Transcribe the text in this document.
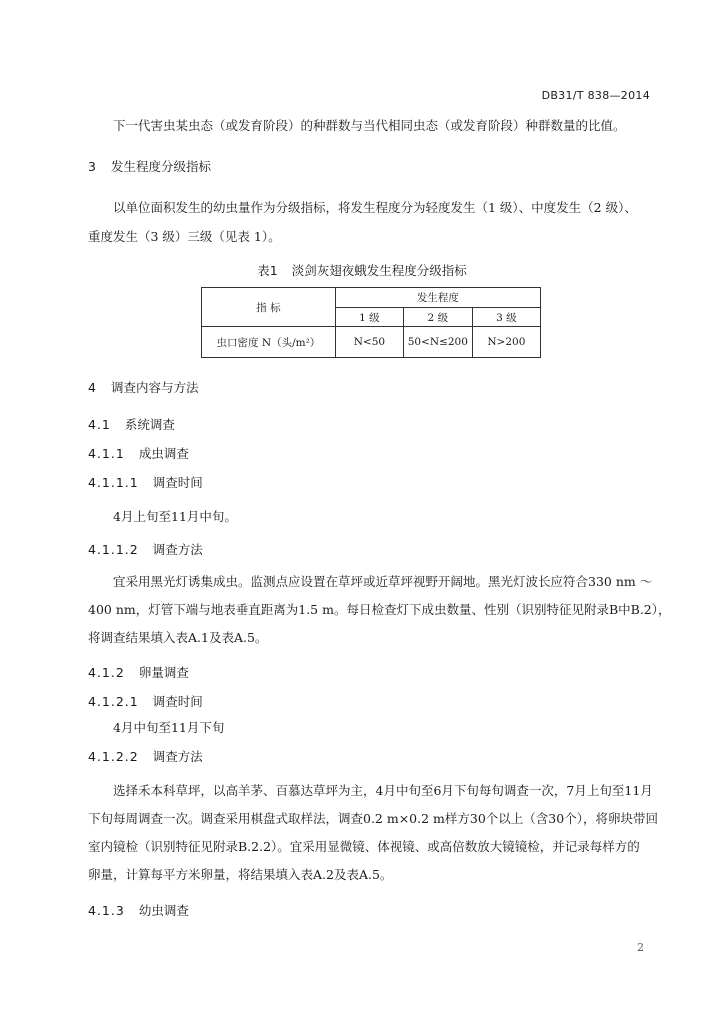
DB31/T 838—2014
下一代害虫某虫态（或发育阶段）的种群数与当代相同虫态（或发育阶段）种群数量的比值。
3 发生程度分级指标
以单位面积发生的幼虫量作为分级指标，将发生程度分为轻度发生（1 级）、中度发生（2 级）、
重度发生（3 级）三级（见表 1）。
表1 淡剑灰翅夜蛾发生程度分级指标
指 标	发生程度		
	1 级	2 级	3 级
虫口密度 N（头/m²）	N<50	50<N≤200	N>200
4 调查内容与方法
4.1 系统调查
4.1.1 成虫调查
4.1.1.1 调查时间
4月上旬至11月中旬。
4.1.1.2 调查方法
宜采用黑光灯诱集成虫。监测点应设置在草坪或近草坪视野开阔地。黑光灯波长应符合330 nm ～
400 nm，灯管下端与地表垂直距离为1.5 m。每日检查灯下成虫数量、性别（识别特征见附录B中B.2），
将调查结果填入表A.1及表A.5。
4.1.2 卵量调查
4.1.2.1 调查时间
4月中旬至11月下旬
4.1.2.2 调查方法
选择禾本科草坪，以高羊茅、百慕达草坪为主，4月中旬至6月下旬每旬调查一次，7月上旬至11月
下旬每周调查一次。调查采用棋盘式取样法，调查0.2 m×0.2 m样方30个以上（含30个），将卵块带回
室内镜检（识别特征见附录B.2.2）。宜采用显微镜、体视镜、或高倍数放大镜镜检，并记录每样方的
卵量，计算每平方米卵量，将结果填入表A.2及表A.5。
4.1.3 幼虫调查
2
